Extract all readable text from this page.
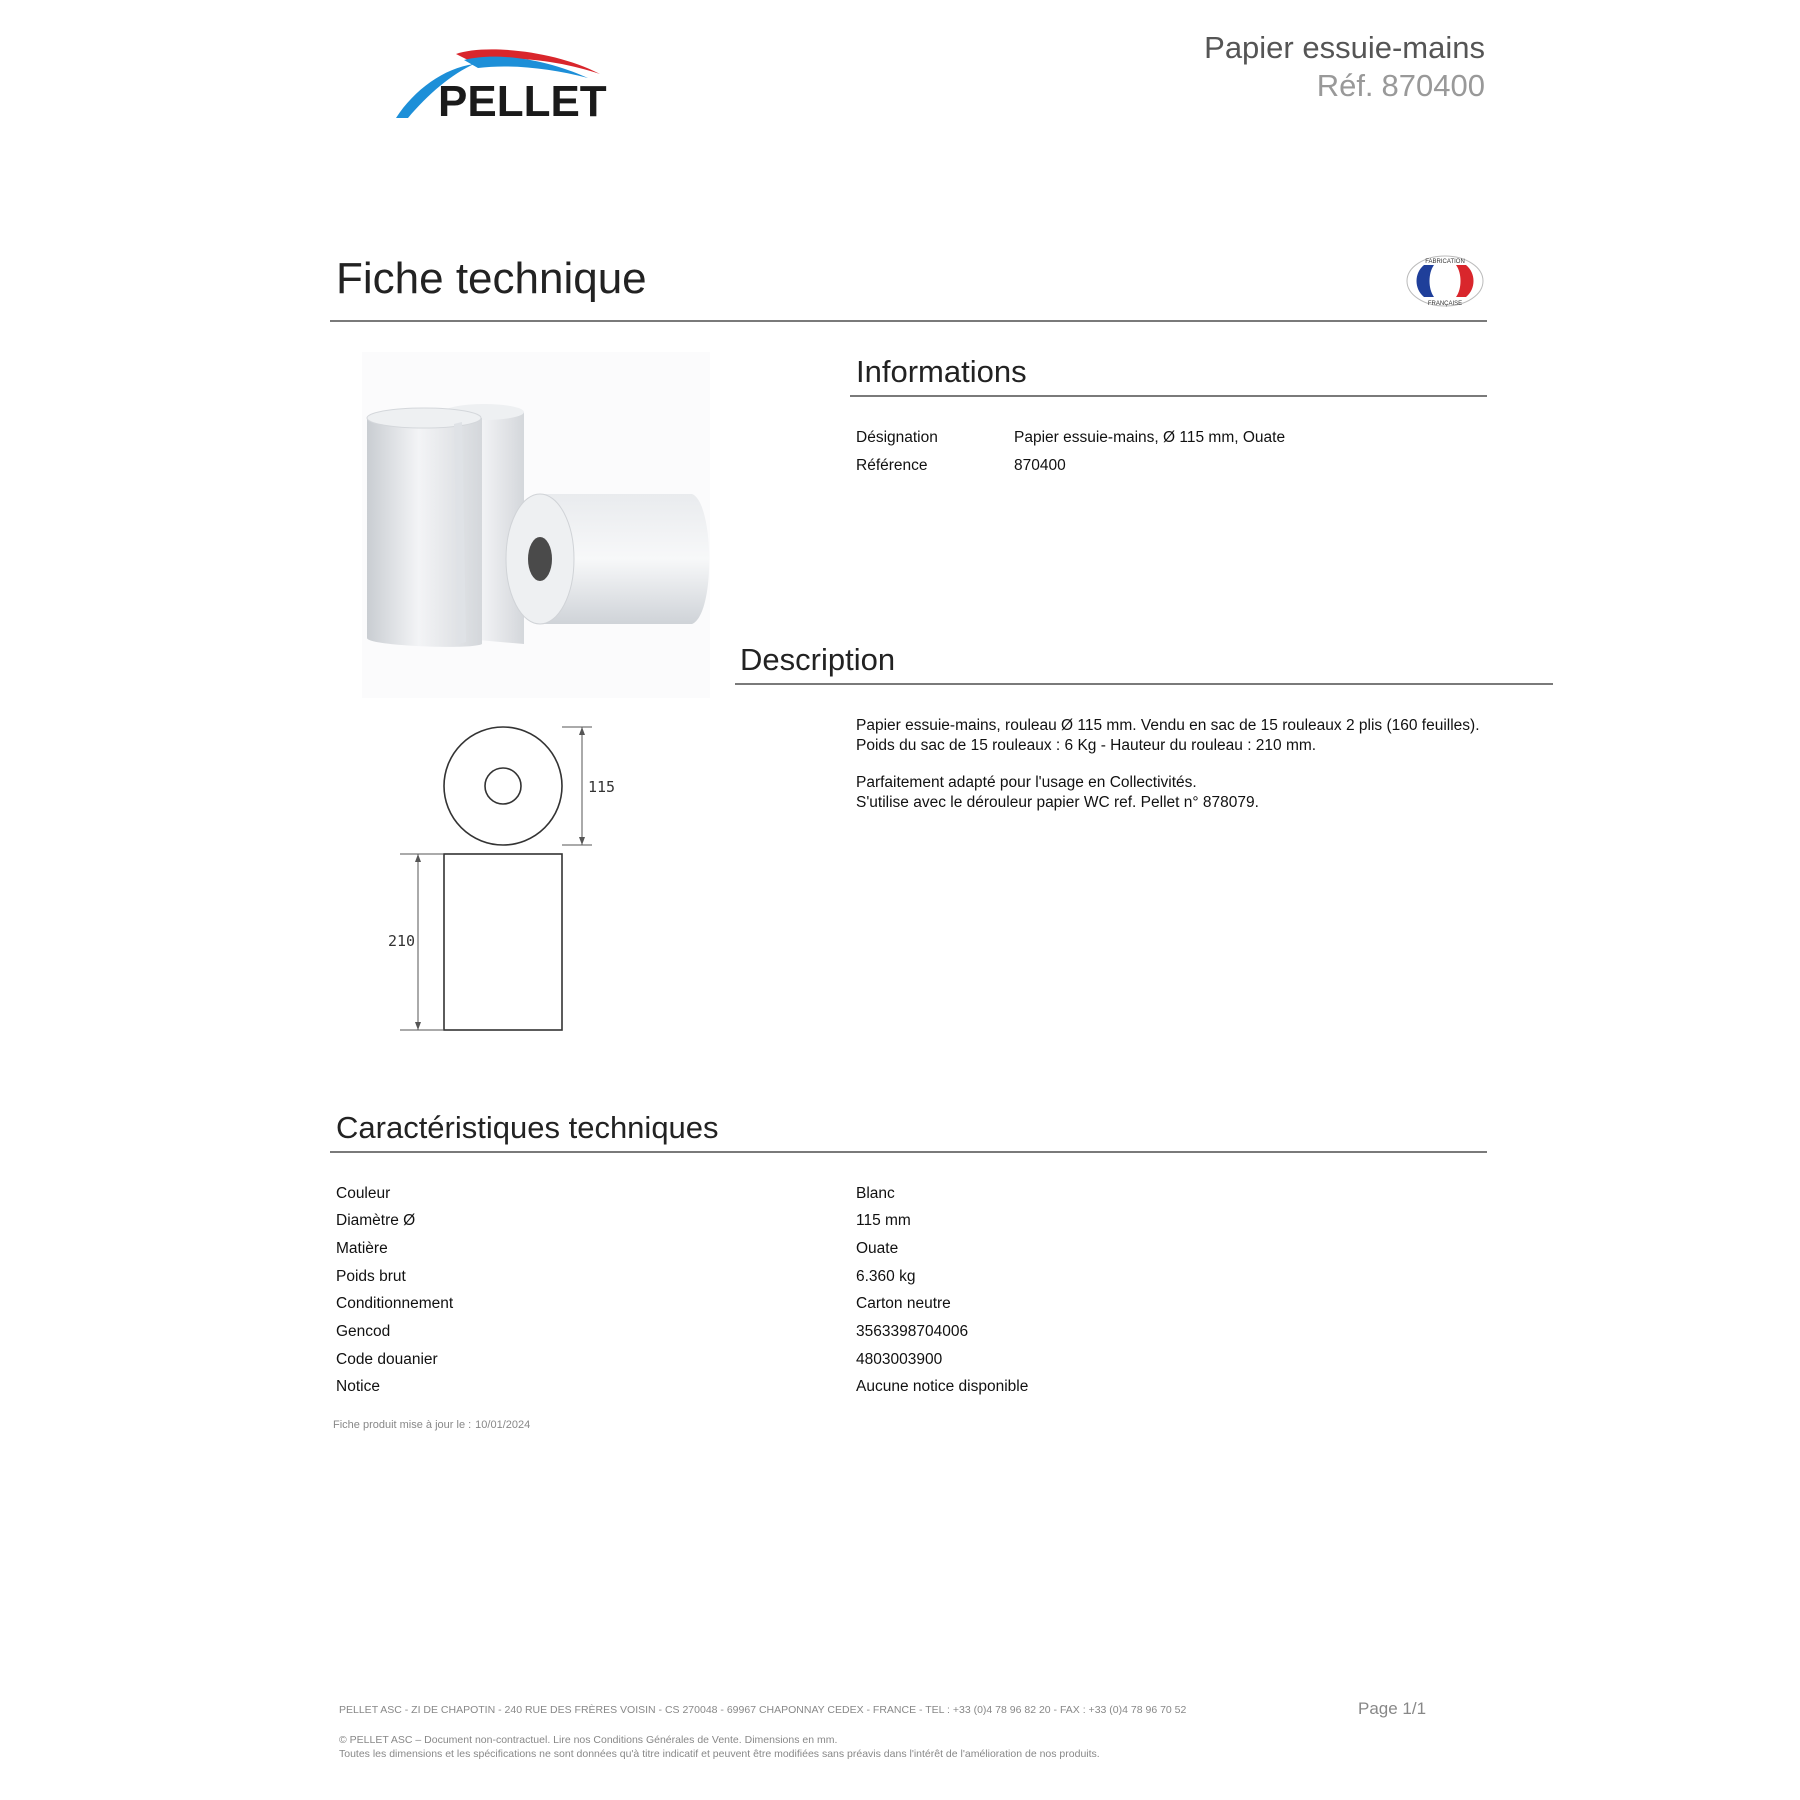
PELLET
Papier essuie-mains
Réf. 870400
Fiche technique	FABRICATION
FRANÇAISE
115
210
Informations
Désignation	Papier essuie-mains, Ø 115 mm, Ouate
Référence	870400
Description
Papier essuie-mains, rouleau Ø 115 mm. Vendu en sac de 15 rouleaux 2 plis (160 feuilles).
Poids du sac de 15 rouleaux : 6 Kg - Hauteur du rouleau : 210 mm.
Parfaitement adapté pour l'usage en Collectivités.
S'utilise avec le dérouleur papier WC ref. Pellet n° 878079.
Caractéristiques techniques
Couleur	Blanc
Diamètre Ø	115 mm
Matière	Ouate
Poids brut	6.360 kg
Conditionnement	Carton neutre
Gencod	3563398704006
Code douanier	4803003900
Notice	Aucune notice disponible
Fiche produit mise à jour le : 10/01/2024
PELLET ASC - ZI DE CHAPOTIN - 240 RUE DES FRÈRES VOISIN - CS 270048 - 69967 CHAPONNAY CEDEX - FRANCE - TEL : +33 (0)4 78 96 82 20 - FAX : +33 (0)4 78 96 70 52	Page 1/1
© PELLET ASC – Document non-contractuel. Lire nos Conditions Générales de Vente. Dimensions en mm.
Toutes les dimensions et les spécifications ne sont données qu'à titre indicatif et peuvent être modifiées sans préavis dans l'intérêt de l'amélioration de nos produits.
